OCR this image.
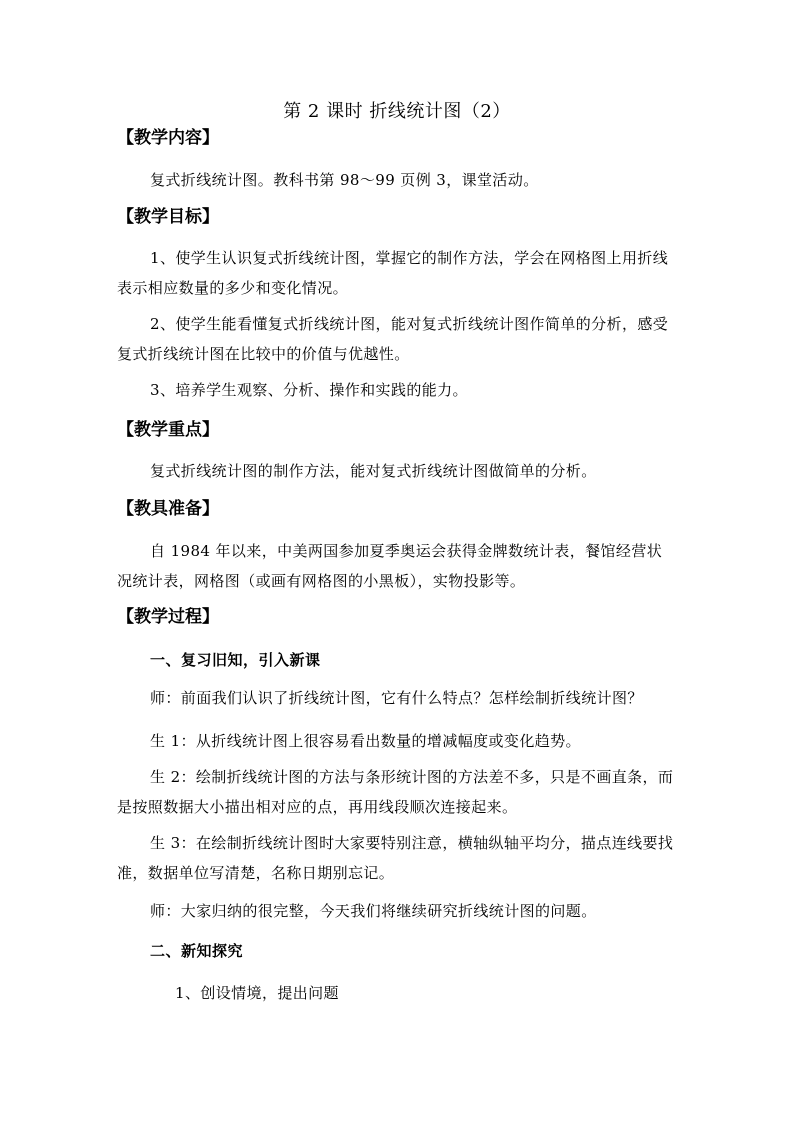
第 2 课时 折线统计图（2）
【教学内容】
复式折线统计图。教科书第 98～99 页例 3，课堂活动。
【教学目标】
1、使学生认识复式折线统计图，掌握它的制作方法，学会在网格图上用折线表示相应数量的多少和变化情况。
2、使学生能看懂复式折线统计图，能对复式折线统计图作简单的分析，感受复式折线统计图在比较中的价值与优越性。
3、培养学生观察、分析、操作和实践的能力。
【教学重点】
复式折线统计图的制作方法，能对复式折线统计图做简单的分析。
【教具准备】
自 1984 年以来，中美两国参加夏季奥运会获得金牌数统计表，餐馆经营状况统计表，网格图（或画有网格图的小黑板），实物投影等。
【教学过程】
一、复习旧知，引入新课
师：前面我们认识了折线统计图，它有什么特点？怎样绘制折线统计图？
生 1：从折线统计图上很容易看出数量的增减幅度或变化趋势。
生 2：绘制折线统计图的方法与条形统计图的方法差不多，只是不画直条，而是按照数据大小描出相对应的点，再用线段顺次连接起来。
生 3：在绘制折线统计图时大家要特别注意，横轴纵轴平均分，描点连线要找准，数据单位写清楚，名称日期别忘记。
师：大家归纳的很完整，今天我们将继续研究折线统计图的问题。
二、新知探究
1、创设情境，提出问题
